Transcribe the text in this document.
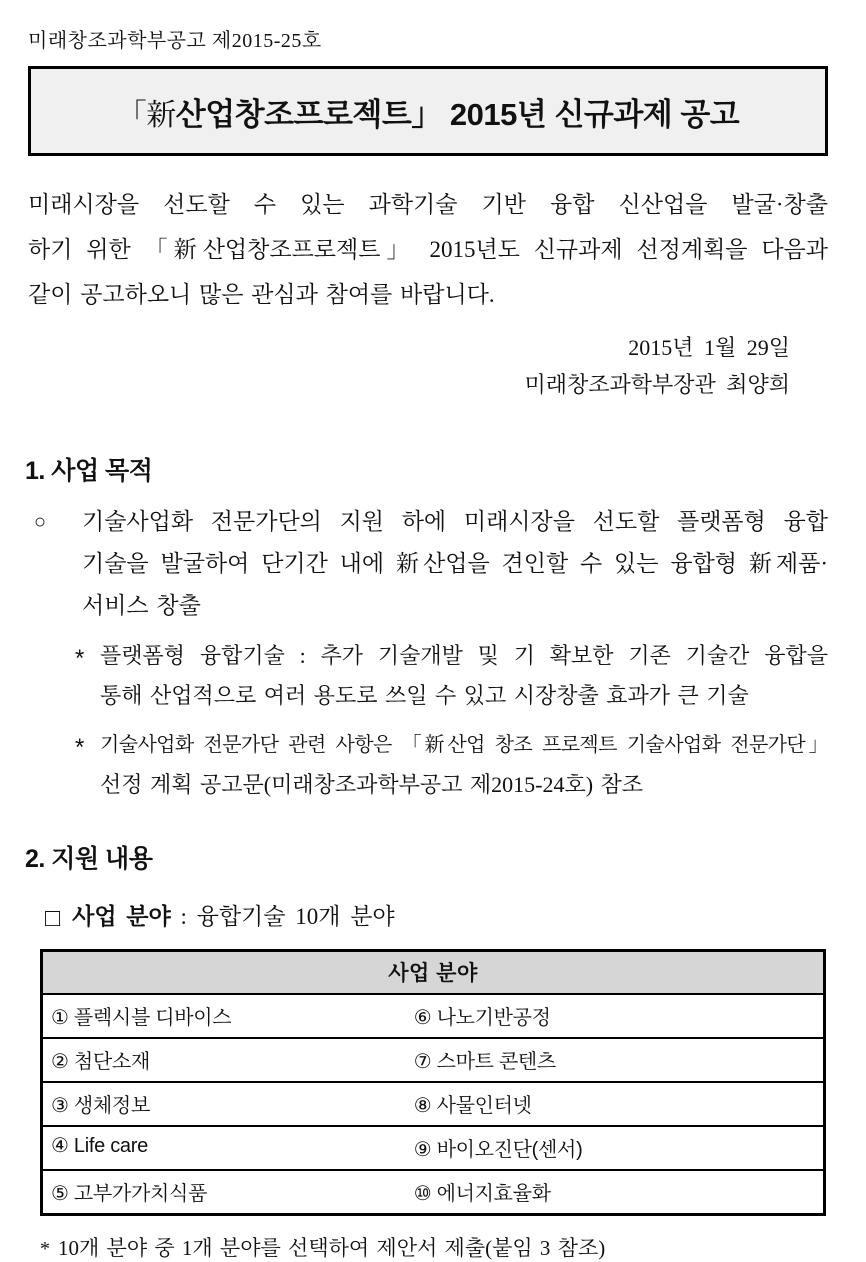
미래창조과학부공고 제2015-25호
「新산업창조프로젝트」 2015년 신규과제 공고
미래시장을 선도할 수 있는 과학기술 기반 융합 신산업을 발굴·창출
하기 위한 「新산업창조프로젝트」 2015년도 신규과제 선정계획을 다음과
같이 공고하오니 많은 관심과 참여를 바랍니다.
2015년 1월 29일
미래창조과학부장관 최양희
1. 사업 목적
○ 기술사업화 전문가단의 지원 하에 미래시장을 선도할 플랫폼형 융합
기술을 발굴하여 단기간 내에 新산업을 견인할 수 있는 융합형 新제품·
서비스 창출
* 플랫폼형 융합기술 : 추가 기술개발 및 기 확보한 기존 기술간 융합을
통해 산업적으로 여러 용도로 쓰일 수 있고 시장창출 효과가 큰 기술
* 기술사업화 전문가단 관련 사항은 「新산업 창조 프로젝트 기술사업화 전문가단」
선정 계획 공고문(미래창조과학부공고 제2015-24호) 참조
2. 지원 내용
□ 사업 분야 : 융합기술 10개 분야
사업 분야
① 플렉시블 디바이스	⑥ 나노기반공정
② 첨단소재	⑦ 스마트 콘텐츠
③ 생체정보	⑧ 사물인터넷
④ Life care	⑨ 바이오진단(센서)
⑤ 고부가가치식품	⑩ 에너지효율화
* 10개 분야 중 1개 분야를 선택하여 제안서 제출(붙임 3 참조)
